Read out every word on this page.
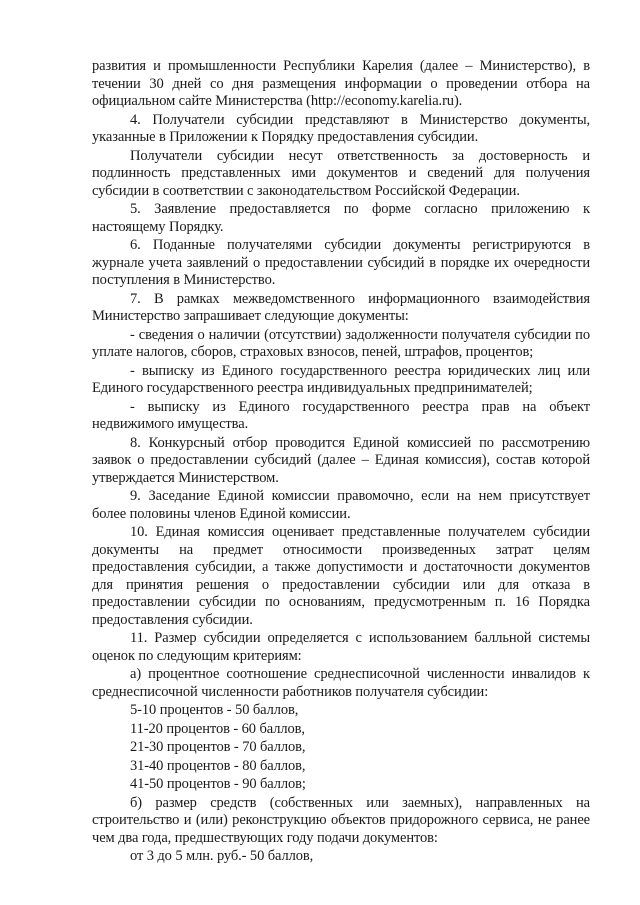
развития и промышленности Республики Карелия (далее – Министерство), в течении 30 дней со дня размещения информации о проведении отбора на официальном сайте Министерства (http://economy.karelia.ru).

4. Получатели субсидии представляют в Министерство документы, указанные в Приложении к Порядку предоставления субсидии.

Получатели субсидии несут ответственность за достоверность и подлинность представленных ими документов и сведений для получения субсидии в соответствии с законодательством Российской Федерации.

5. Заявление предоставляется по форме согласно приложению к настоящему Порядку.

6. Поданные получателями субсидии документы регистрируются в журнале учета заявлений о предоставлении субсидий в порядке их очередности поступления в Министерство.

7. В рамках межведомственного информационного взаимодействия Министерство запрашивает следующие документы:

- сведения о наличии (отсутствии) задолженности получателя субсидии по уплате налогов, сборов, страховых взносов, пеней, штрафов, процентов;

- выписку из Единого государственного реестра юридических лиц или Единого государственного реестра индивидуальных предпринимателей;

- выписку из Единого государственного реестра прав на объект недвижимого имущества.

8. Конкурсный отбор проводится Единой комиссией по рассмотрению заявок о предоставлении субсидий (далее – Единая комиссия), состав которой утверждается Министерством.

9. Заседание Единой комиссии правомочно, если на нем присутствует более половины членов Единой комиссии.

10. Единая комиссия оценивает представленные получателем субсидии документы на предмет относимости произведенных затрат целям предоставления субсидии, а также допустимости и достаточности документов для принятия решения о предоставлении субсидии или для отказа в предоставлении субсидии по основаниям, предусмотренным п. 16 Порядка предоставления субсидии.

11. Размер субсидии определяется с использованием балльной системы оценок по следующим критериям:

а) процентное соотношение среднесписочной численности инвалидов к среднесписочной численности работников получателя субсидии:

5-10 процентов - 50 баллов,

11-20 процентов - 60 баллов,

21-30 процентов - 70 баллов,

31-40 процентов - 80 баллов,

41-50 процентов - 90 баллов;

б) размер средств (собственных или заемных), направленных на строительство и (или) реконструкцию объектов придорожного сервиса, не ранее чем два года, предшествующих году подачи документов:

от 3 до 5 млн. руб.- 50 баллов,
